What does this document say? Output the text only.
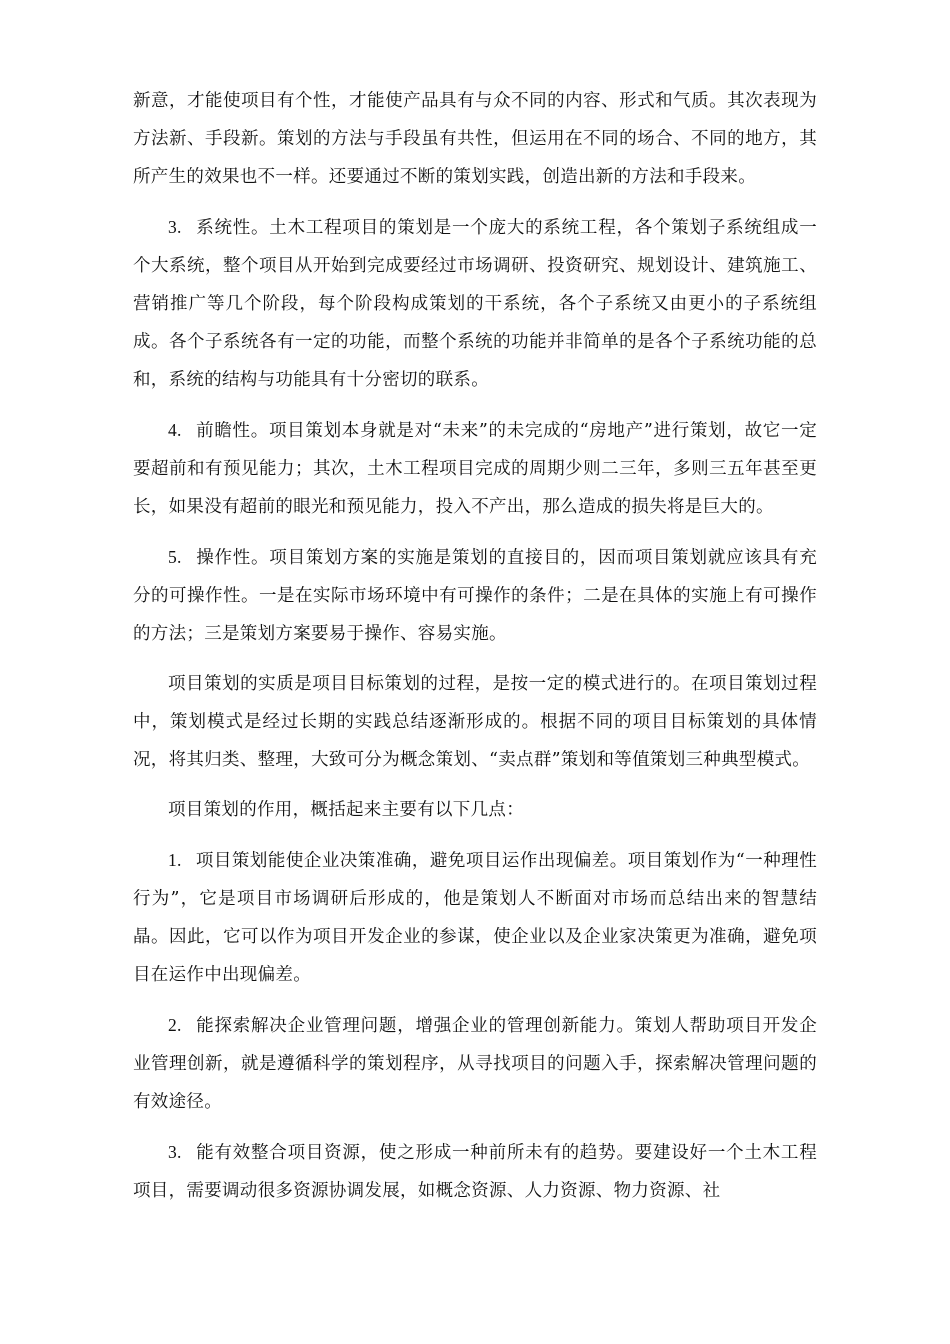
新意，才能使项目有个性，才能使产品具有与众不同的内容、形式和气质。其次表现为方法新、手段新。策划的方法与手段虽有共性，但运用在不同的场合、不同的地方，其所产生的效果也不一样。还要通过不断的策划实践，创造出新的方法和手段来。

3. 系统性。土木工程项目的策划是一个庞大的系统工程，各个策划子系统组成一个大系统，整个项目从开始到完成要经过市场调研、投资研究、规划设计、建筑施工、营销推广等几个阶段，每个阶段构成策划的干系统，各个子系统又由更小的子系统组成。各个子系统各有一定的功能，而整个系统的功能并非简单的是各个子系统功能的总和，系统的结构与功能具有十分密切的联系。

4. 前瞻性。项目策划本身就是对“未来”的未完成的“房地产”进行策划，故它一定要超前和有预见能力；其次，土木工程项目完成的周期少则二三年，多则三五年甚至更长，如果没有超前的眼光和预见能力，投入不产出，那么造成的损失将是巨大的。

5. 操作性。项目策划方案的实施是策划的直接目的，因而项目策划就应该具有充分的可操作性。一是在实际市场环境中有可操作的条件；二是在具体的实施上有可操作的方法；三是策划方案要易于操作、容易实施。

项目策划的实质是项目目标策划的过程，是按一定的模式进行的。在项目策划过程中，策划模式是经过长期的实践总结逐渐形成的。根据不同的项目目标策划的具体情况，将其归类、整理，大致可分为概念策划、“卖点群”策划和等值策划三种典型模式。

项目策划的作用，概括起来主要有以下几点：

1. 项目策划能使企业决策准确，避免项目运作出现偏差。项目策划作为“一种理性行为”，它是项目市场调研后形成的，他是策划人不断面对市场而总结出来的智慧结晶。因此，它可以作为项目开发企业的参谋，使企业以及企业家决策更为准确，避免项目在运作中出现偏差。

2. 能探索解决企业管理问题，增强企业的管理创新能力。策划人帮助项目开发企业管理创新，就是遵循科学的策划程序，从寻找项目的问题入手，探索解决管理问题的有效途径。

3. 能有效整合项目资源，使之形成一种前所未有的趋势。要建设好一个土木工程项目，需要调动很多资源协调发展，如概念资源、人力资源、物力资源、社
